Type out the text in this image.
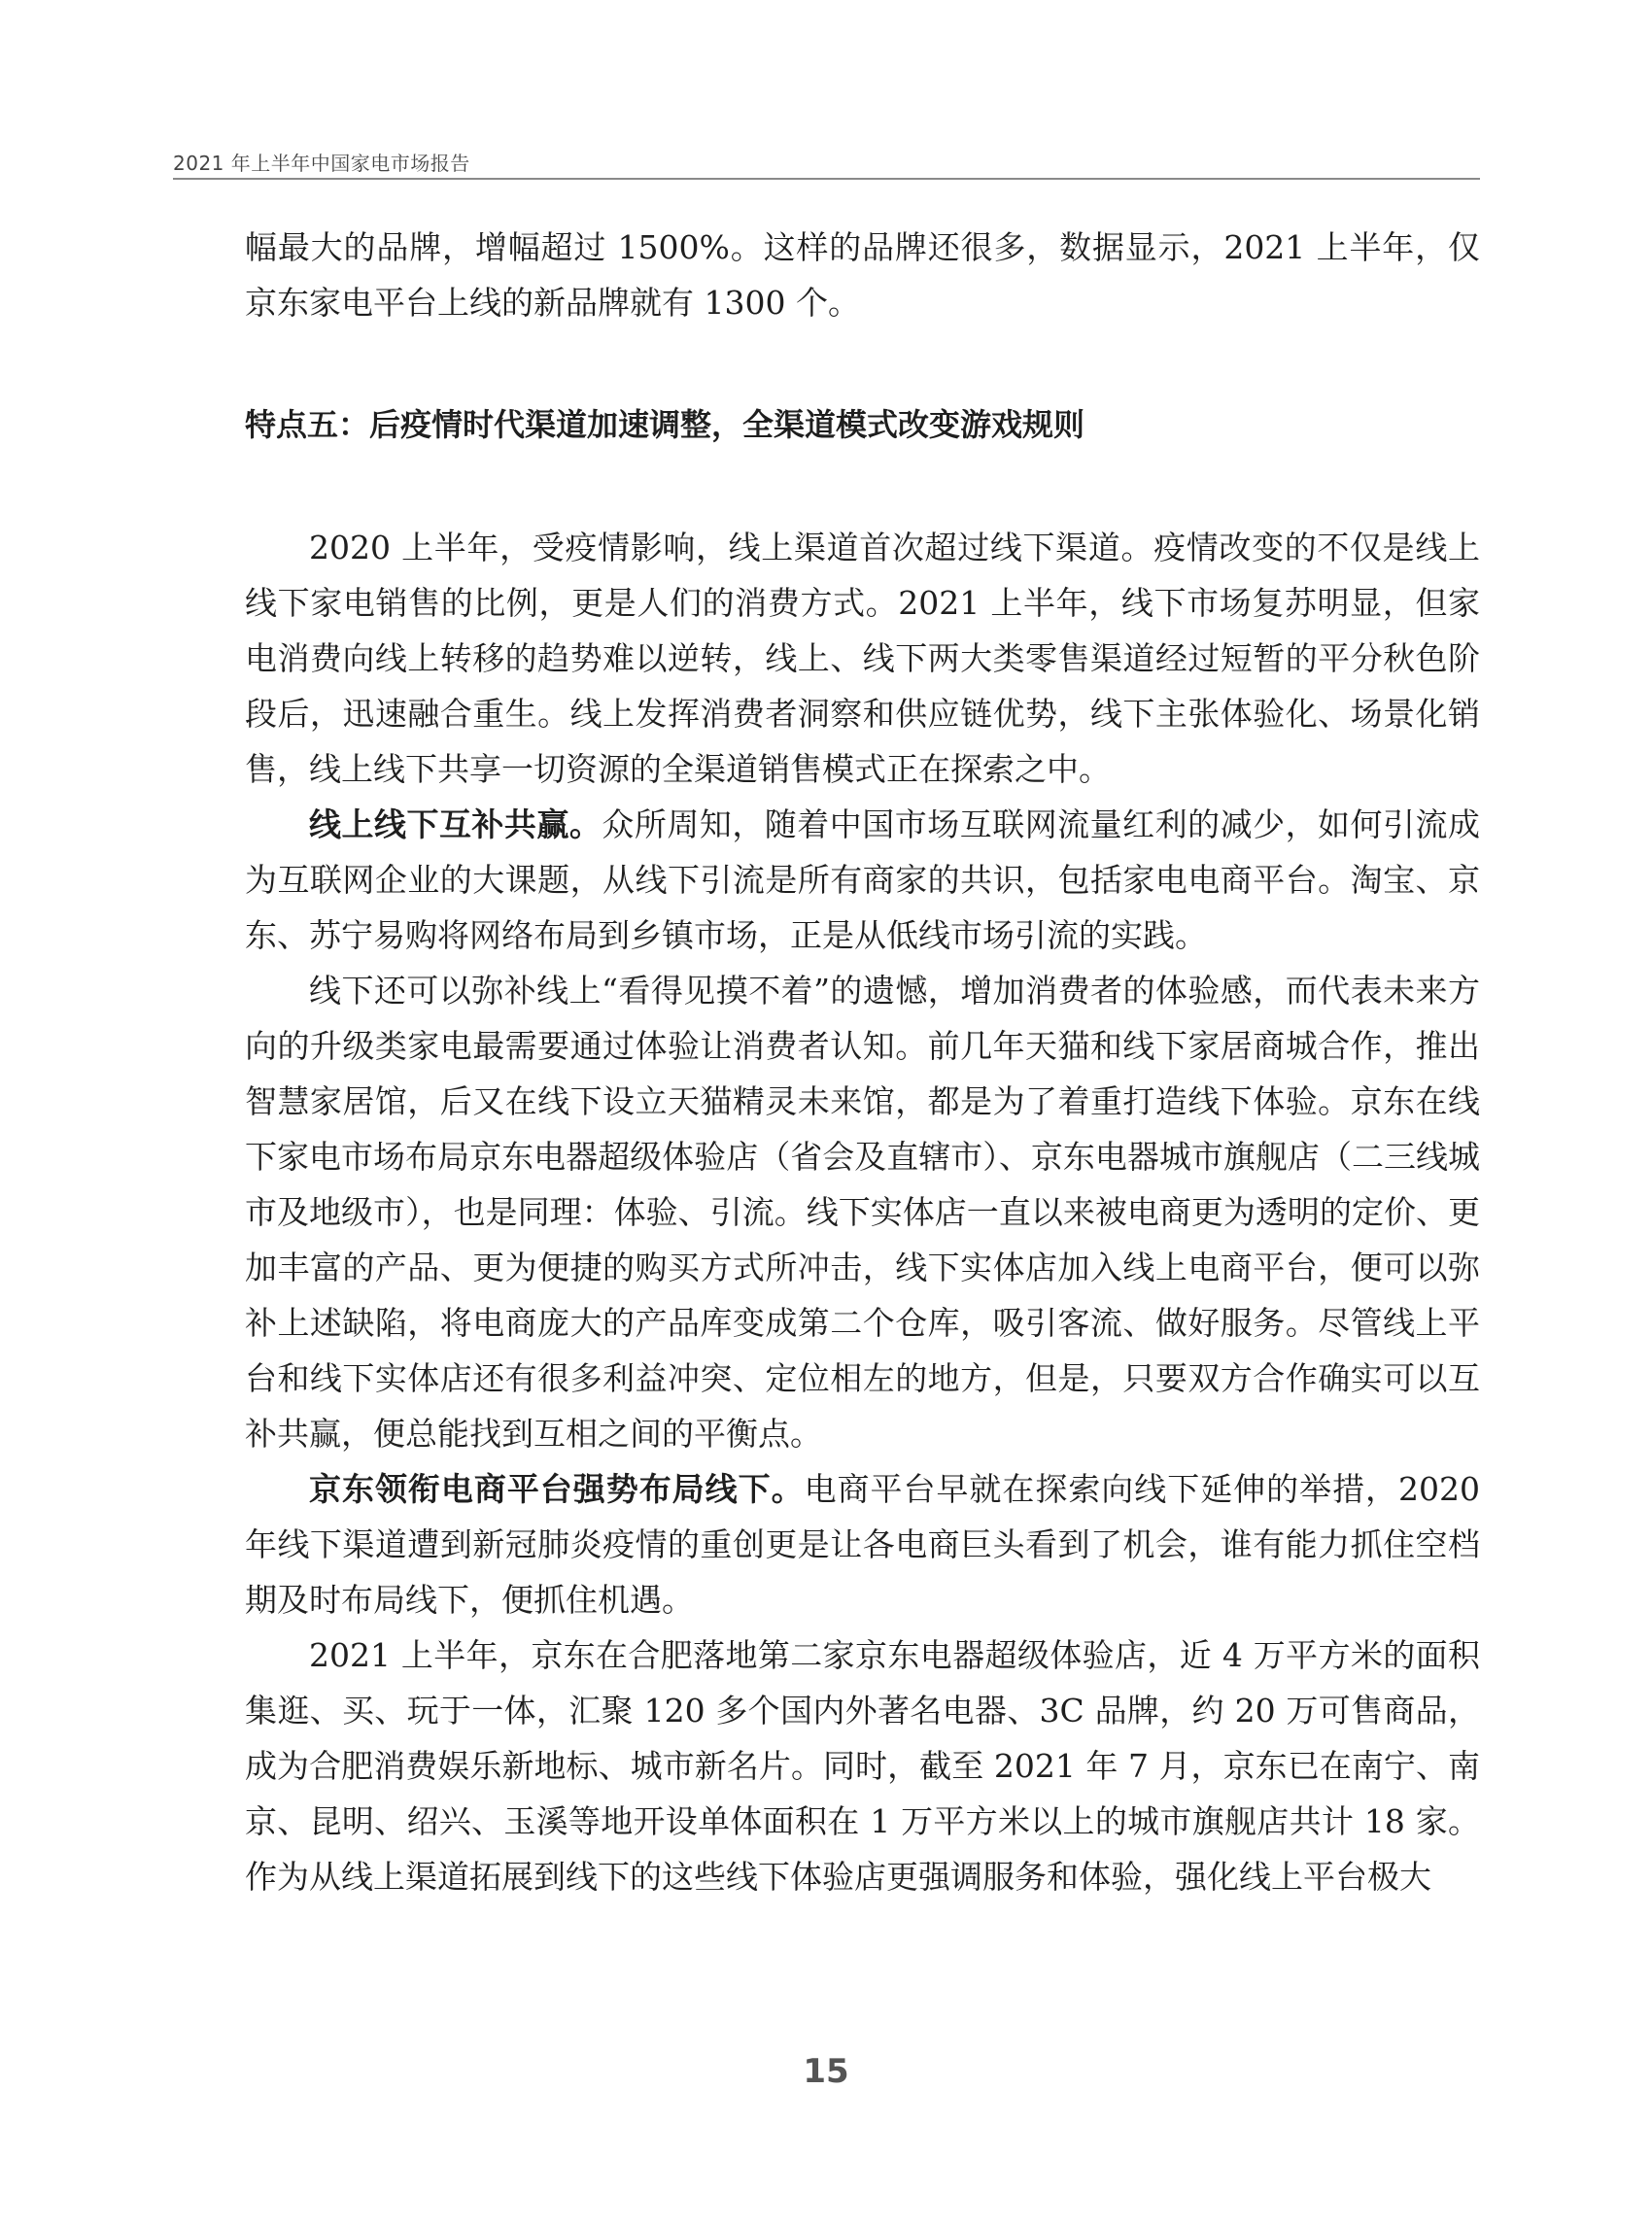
2021 年上半年中国家电市场报告

幅最大的品牌，增幅超过 1500%。这样的品牌还很多，数据显示，2021 上半年，仅京东家电平台上线的新品牌就有 1300 个。

特点五：后疫情时代渠道加速调整，全渠道模式改变游戏规则

2020 上半年，受疫情影响，线上渠道首次超过线下渠道。疫情改变的不仅是线上线下家电销售的比例，更是人们的消费方式。2021 上半年，线下市场复苏明显，但家电消费向线上转移的趋势难以逆转，线上、线下两大类零售渠道经过短暂的平分秋色阶段后，迅速融合重生。线上发挥消费者洞察和供应链优势，线下主张体验化、场景化销售，线上线下共享一切资源的全渠道销售模式正在探索之中。

线上线下互补共赢。众所周知，随着中国市场互联网流量红利的减少，如何引流成为互联网企业的大课题，从线下引流是所有商家的共识，包括家电电商平台。淘宝、京东、苏宁易购将网络布局到乡镇市场，正是从低线市场引流的实践。

线下还可以弥补线上“看得见摸不着”的遗憾，增加消费者的体验感，而代表未来方向的升级类家电最需要通过体验让消费者认知。前几年天猫和线下家居商城合作，推出智慧家居馆，后又在线下设立天猫精灵未来馆，都是为了着重打造线下体验。京东在线下家电市场布局京东电器超级体验店（省会及直辖市）、京东电器城市旗舰店（二三线城市及地级市），也是同理：体验、引流。线下实体店一直以来被电商更为透明的定价、更加丰富的产品、更为便捷的购买方式所冲击，线下实体店加入线上电商平台，便可以弥补上述缺陷，将电商庞大的产品库变成第二个仓库，吸引客流、做好服务。尽管线上平台和线下实体店还有很多利益冲突、定位相左的地方，但是，只要双方合作确实可以互补共赢，便总能找到互相之间的平衡点。

京东领衔电商平台强势布局线下。电商平台早就在探索向线下延伸的举措，2020 年线下渠道遭到新冠肺炎疫情的重创更是让各电商巨头看到了机会，谁有能力抓住空档期及时布局线下，便抓住机遇。

2021 上半年，京东在合肥落地第二家京东电器超级体验店，近 4 万平方米的面积集逛、买、玩于一体，汇聚 120 多个国内外著名电器、3C 品牌，约 20 万可售商品，成为合肥消费娱乐新地标、城市新名片。同时，截至 2021 年 7 月，京东已在南宁、南京、昆明、绍兴、玉溪等地开设单体面积在 1 万平方米以上的城市旗舰店共计 18 家。作为从线上渠道拓展到线下的这些线下体验店更强调服务和体验，强化线上平台极大

15
